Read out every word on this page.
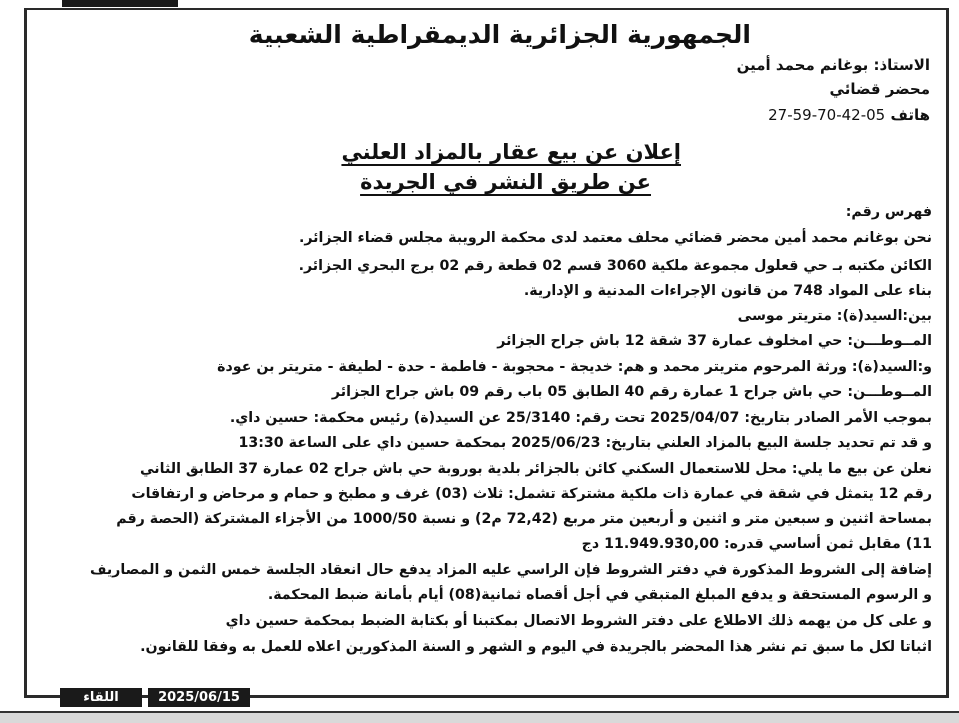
الجمهورية الجزائرية الديمقراطية الشعبية
الاستاذ: بوغانم محمد أمين
محضر قضائي
هاتف 27-59-70-42-05
إعلان عن بيع عقار بالمزاد العلني
عن طريق النشر في الجريدة
فهرس رقم:
نحن بوغانم محمد أمين محضر قضائي محلف معتمد لدى محكمة الرويبة مجلس قضاء الجزائر.
الكائن مكتبه بـ حي قعلول مجموعة ملكية 3060 قسم 02 قطعة رقم 02 برج البحري الجزائر.
بناء على المواد 748 من قانون الإجراءات المدنية و الإدارية.
بين:السيد(ة): متريتر موسى
المــوطـــن: حي امخلوف عمارة 37 شقة 12 باش جراح الجزائر
و:السيد(ة): ورثة المرحوم متريتر محمد و هم: خديجة - محجوبة - فاطمة - حدة - لطيفة - متريتر بن عودة
المــوطـــن: حي باش جراح 1 عمارة رقم 40 الطابق 05 باب رقم 09 باش جراح الجزائر
بموجب الأمر الصادر بتاريخ: 2025/04/07 تحت رقم: 25/3140 عن السيد(ة) رئيس محكمة: حسين داي.
و قد تم تحديد جلسة البيع بالمزاد العلني بتاريخ: 2025/06/23 بمحكمة حسين داي على الساعة 13:30
نعلن عن بيع ما يلي: محل للاستعمال السكني كائن بالجزائر بلدية بوروبة حي باش جراح 02 عمارة 37 الطابق الثاني
رقم 12 يتمثل في شقة في عمارة ذات ملكية مشتركة تشمل: ثلاث (03) غرف و مطبخ و حمام و مرحاض و ارتفاقات
بمساحة اثنين و سبعين متر و اثنين و أربعين متر مربع (72,42 م2) و نسبة 1000/50 من الأجزاء المشتركة (الحصة رقم
11) مقابل ثمن أساسي قدره: 11.949.930,00 دج
إضافة إلى الشروط المذكورة في دفتر الشروط فإن الراسي عليه المزاد يدفع حال انعقاد الجلسة خمس الثمن و المصاريف
و الرسوم المستحقة و يدفع المبلغ المتبقي في أجل أقصاه ثمانية(08) أيام بأمانة ضبط المحكمة.
و على كل من يهمه ذلك الاطلاع على دفتر الشروط الاتصال بمكتبنا أو بكتابة الضبط بمحكمة حسين داي
اثباتا لكل ما سبق تم نشر هذا المحضر بالجريدة في اليوم و الشهر و السنة المذكورين اعلاه للعمل به وفقا للقانون.
اللقاء	2025/06/15
